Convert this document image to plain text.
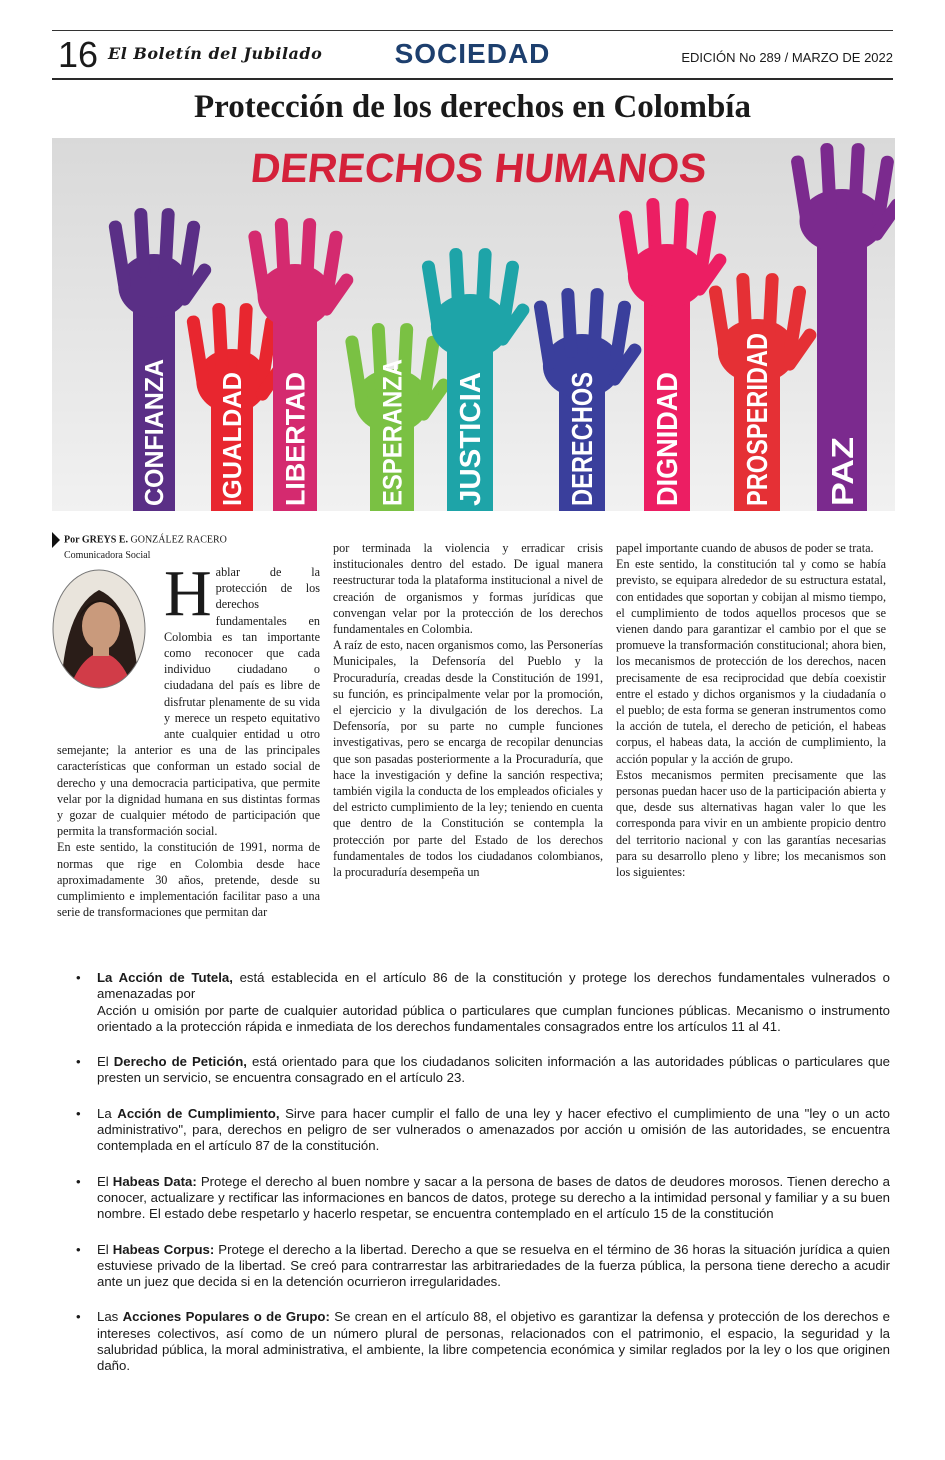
16 El Boletín del Jubilado	SOCIEDAD	EDICIÓN No 289 / MARZO DE 2022
Protección de los derechos en Colombía
DERECHOS HUMANOS
CONFIANZA IGUALDAD LIBERTAD ESPERANZA JUSTICIA	DERECHOS DIGNIDAD PROSPERIDAD PAZ
Por GREYS E. GONZÁLEZ RACERO
Comunicadora Social
H ablar de la protección de los derechos fundamentales en Colombia es tan importante como reconocer que cada individuo ciudadano o ciudadana del país es libre de disfrutar plenamente de su vida y merece un respeto equitativo ante cualquier entidad u otro semejante; la anterior es una de las principales características que conforman un estado social de derecho y una democracia participativa, que permite velar por la dignidad humana en sus distintas formas y gozar de cualquier método de participación que permita la transformación social.

En este sentido, la constitución de 1991, norma de normas que rige en Colombia desde hace aproximadamente 30 años, pretende, desde su cumplimiento e implementación facilitar paso a una serie de transformaciones que permitan dar

por terminada la violencia y erradicar crisis institucionales dentro del estado. De igual manera reestructurar toda la plataforma institucional a nivel de creación de organismos y formas jurídicas que convengan velar por la protección de los derechos fundamentales en Colombia.

A raíz de esto, nacen organismos como, las Personerías Municipales, la Defensoría del Pueblo y la Procuraduría, creadas desde la Constitución de 1991, su función, es principalmente velar por la promoción, el ejercicio y la divulgación de los derechos. La Defensoría, por su parte no cumple funciones investigativas, pero se encarga de recopilar denuncias que son pasadas posteriormente a la Procuraduría, que hace la investigación y define la sanción respectiva; también vigila la conducta de los empleados oficiales y del estricto cumplimiento de la ley; teniendo en cuenta que dentro de la Constitución se contempla la protección por parte del Estado de los derechos fundamentales de todos los ciudadanos colombianos, la procuraduría desempeña un

papel importante cuando de abusos de poder se trata.

En este sentido, la constitución tal y como se había previsto, se equipara alrededor de su estructura estatal, con entidades que soportan y cobijan al mismo tiempo, el cumplimiento de todos aquellos procesos que se vienen dando para garantizar el cambio por el que se promueve la transformación constitucional; ahora bien, los mecanismos de protección de los derechos, nacen precisamente de esa reciprocidad que debía coexistir entre el estado y dichos organismos y la ciudadanía o el pueblo; de esta forma se generan instrumentos como la acción de tutela, el derecho de petición, el habeas corpus, el habeas data, la acción de cumplimiento, la acción popular y la acción de grupo.

Estos mecanismos permiten precisamente que las personas puedan hacer uso de la participación abierta y que, desde sus alternativas hagan valer lo que les corresponda para vivir en un ambiente propicio dentro del territorio nacional y con las garantías necesarias para su desarrollo pleno y libre; los mecanismos son los siguientes:

• La Acción de Tutela, está establecida en el artículo 86 de la constitución y protege los derechos fundamentales vulnerados o amenazadas por
Acción u omisión por parte de cualquier autoridad pública o particulares que cumplan funciones públicas. Mecanismo o instrumento orientado a la protección rápida e inmediata de los derechos fundamentales consagrados entre los artículos 11 al 41.
• El Derecho de Petición, está orientado para que los ciudadanos soliciten información a las autoridades públicas o particulares que presten un servicio, se encuentra consagrado en el artículo 23.
• La Acción de Cumplimiento, Sirve para hacer cumplir el fallo de una ley y hacer efectivo el cumplimiento de una "ley o un acto administrativo", para, derechos en peligro de ser vulnerados o amenazados por acción u omisión de las autoridades, se encuentra contemplada en el artículo 87 de la constitución.
• El Habeas Data: Protege el derecho al buen nombre y sacar a la persona de bases de datos de deudores morosos. Tienen derecho a conocer, actualizare y rectificar las informaciones en bancos de datos, protege su derecho a la intimidad personal y familiar y a su buen nombre. El estado debe respetarlo y hacerlo respetar, se encuentra contemplado en el artículo 15 de la constitución
• El Habeas Corpus: Protege el derecho a la libertad. Derecho a que se resuelva en el término de 36 horas la situación jurídica a quien estuviese privado de la libertad. Se creó para contrarrestar las arbitrariedades de la fuerza pública, la persona tiene derecho a acudir ante un juez que decida si en la detención ocurrieron irregularidades.
• Las Acciones Populares o de Grupo: Se crean en el artículo 88, el objetivo es garantizar la defensa y protección de los derechos e intereses colectivos, así como de un número plural de personas, relacionados con el patrimonio, el espacio, la seguridad y la salubridad pública, la moral administrativa, el ambiente, la libre competencia económica y similar reglados por la ley o los que originen daño.
